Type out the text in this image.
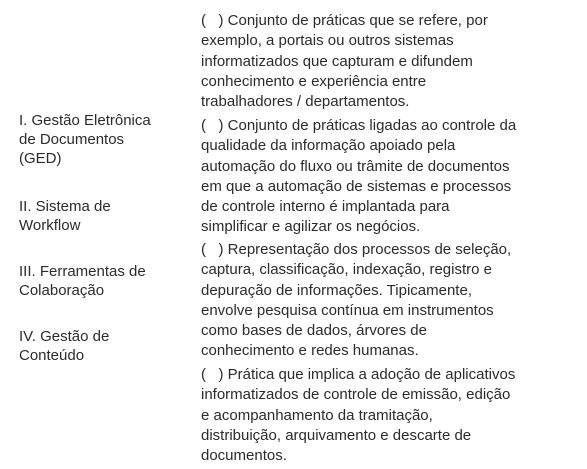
I. Gestão Eletrônica
de Documentos
(GED)
II. Sistema de
Workflow
III. Ferramentas de
Colaboração
IV. Gestão de
Conteúdo
(   ) Conjunto de práticas que se refere, por
exemplo, a portais ou outros sistemas
informatizados que capturam e difundem
conhecimento e experiência entre
trabalhadores / departamentos.
(   ) Conjunto de práticas ligadas ao controle da
qualidade da informação apoiado pela
automação do fluxo ou trâmite de documentos
em que a automação de sistemas e processos
de controle interno é implantada para
simplificar e agilizar os negócios.
(   ) Representação dos processos de seleção,
captura, classificação, indexação, registro e
depuração de informações. Tipicamente,
envolve pesquisa contínua em instrumentos
como bases de dados, árvores de
conhecimento e redes humanas.
(   ) Prática que implica a adoção de aplicativos
informatizados de controle de emissão, edição
e acompanhamento da tramitação,
distribuição, arquivamento e descarte de
documentos.
